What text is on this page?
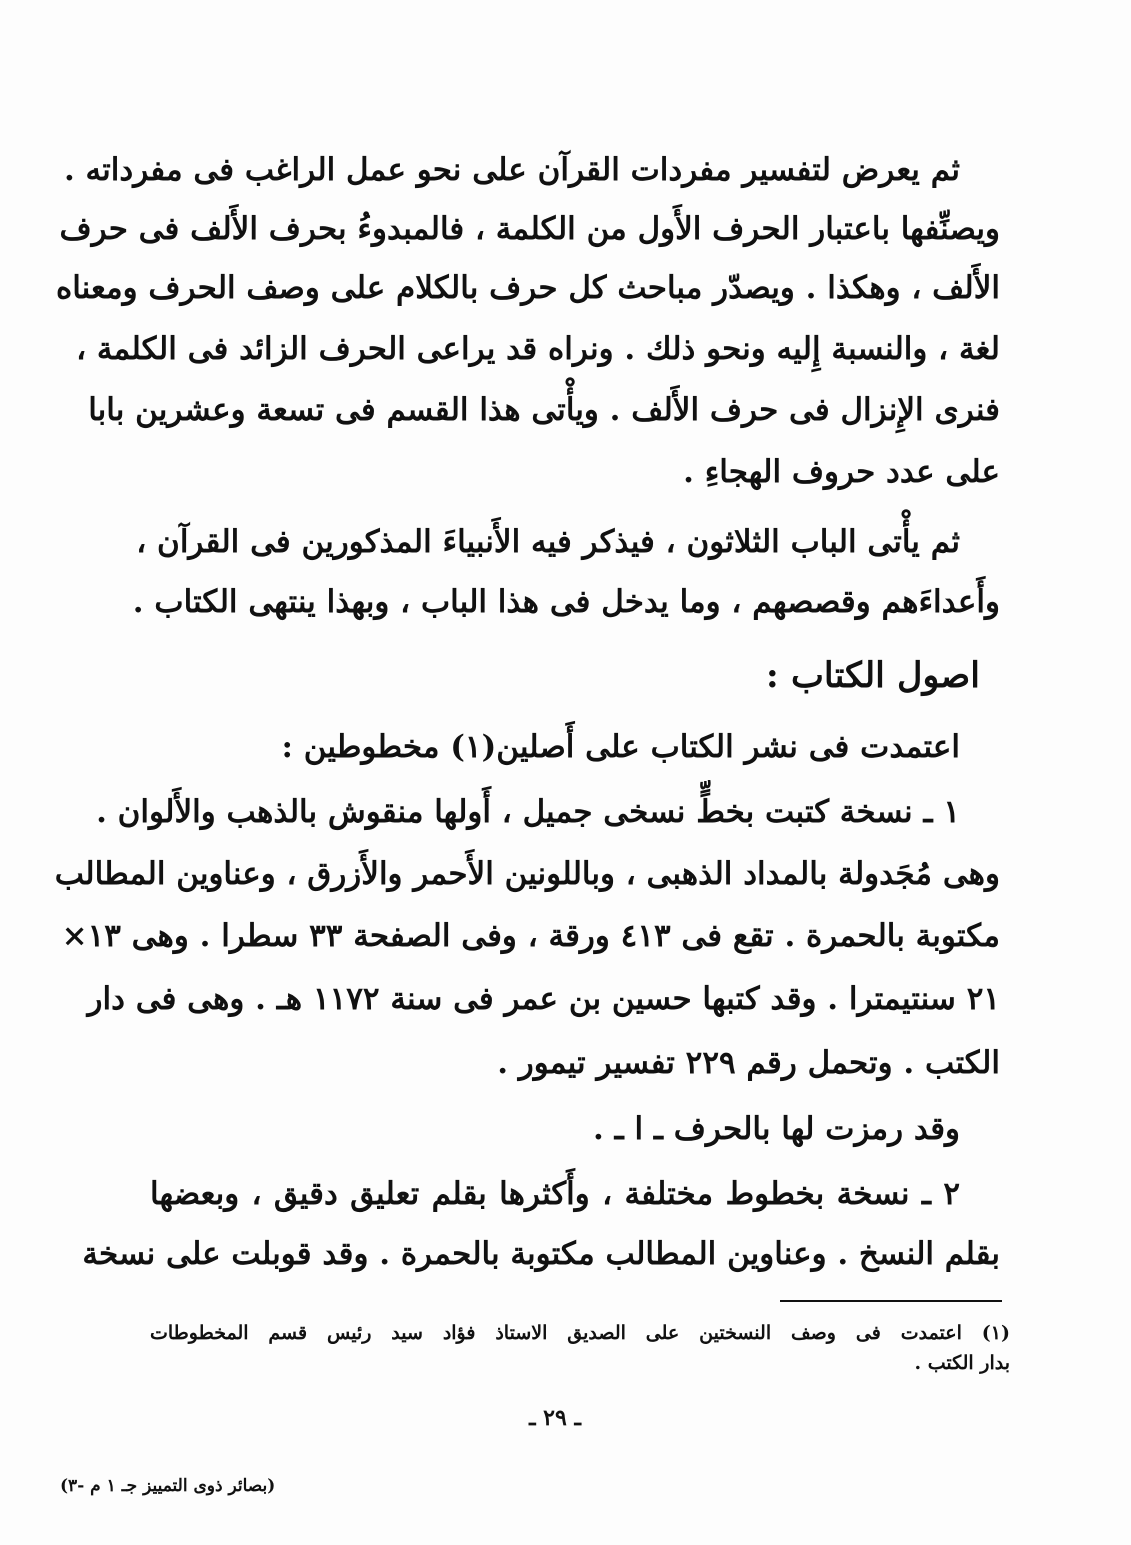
ثم يعرض لتفسير مفردات القرآن على نحو عمل الراغب فى مفرداته .
ويصنِّفها باعتبار الحرف الأَول من الكلمة ، فالمبدوءُ بحرف الأَلف فى حرف
الأَلف ، وهكذا . ويصدّر مباحث كل حرف بالكلام على وصف الحرف ومعناه
لغة ، والنسبة إِليه ونحو ذلك . ونراه قد يراعى الحرف الزائد فى الكلمة ،
فنرى الإِنزال فى حرف الأَلف . ويأْتى هذا القسم فى تسعة وعشرين بابا
على عدد حروف الهجاءِ .
ثم يأْتى الباب الثلاثون ، فيذكر فيه الأَنبياءَ المذكورين فى القرآن ،
وأَعداءَهم وقصصهم ، وما يدخل فى هذا الباب ، وبهذا ينتهى الكتاب .
اصول الكتاب :
اعتمدت فى نشر الكتاب على أَصلين(١) مخطوطين :
١ ـ نسخة كتبت بخطٍّ نسخى جميل ، أَولها منقوش بالذهب والأَلوان .
وهى مُجَدولة بالمداد الذهبى ، وباللونين الأَحمر والأَزرق ، وعناوين المطالب
مكتوبة بالحمرة . تقع فى ٤١٣ ورقة ، وفى الصفحة ٣٣ سطرا . وهى ١٣×
٢١ سنتيمترا . وقد كتبها حسين بن عمر فى سنة ١١٧٢ هـ . وهى فى دار
الكتب . وتحمل رقم ٢٢٩ تفسير تيمور .
وقد رمزت لها بالحرف ـ ا ـ .
٢ ـ نسخة بخطوط مختلفة ، وأَكثرها بقلم تعليق دقيق ، وبعضها
بقلم النسخ . وعناوين المطالب مكتوبة بالحمرة . وقد قوبلت على نسخة
(١) اعتمدت فى وصف النسختين على الصديق الاستاذ فؤاد سيد رئيس قسم المخطوطات
بدار الكتب .
ـ ٢٩ ـ
(بصائر ذوى التمييز جـ ١ م -٣)
